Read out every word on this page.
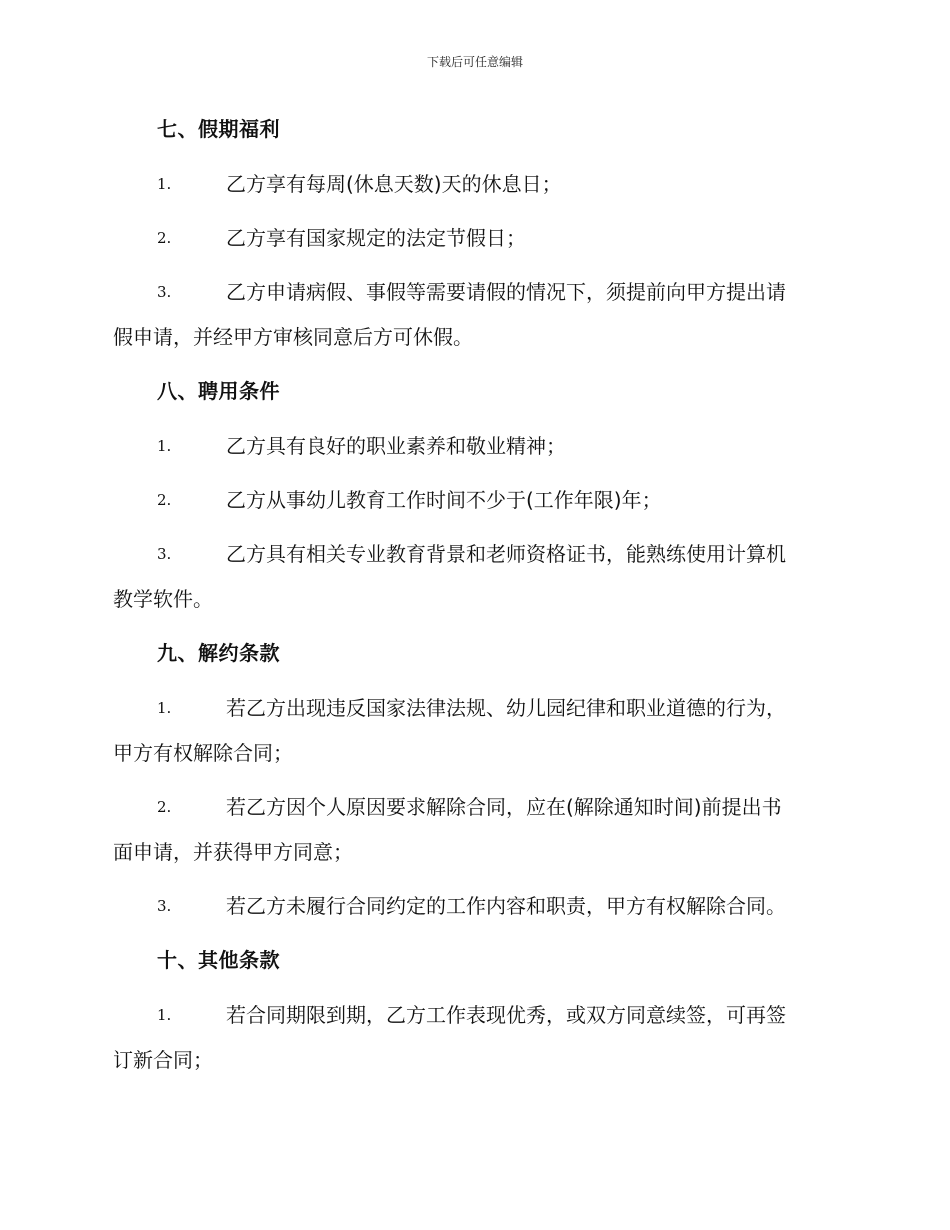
下载后可任意编辑
七、假期福利
1.	乙方享有每周(休息天数)天的休息日；
2.	乙方享有国家规定的法定节假日；
3.	乙方申请病假、事假等需要请假的情况下，须提前向甲方提出请
假申请，并经甲方审核同意后方可休假。
八、聘用条件
1.	乙方具有良好的职业素养和敬业精神；
2.	乙方从事幼儿教育工作时间不少于(工作年限)年；
3.	乙方具有相关专业教育背景和老师资格证书，能熟练使用计算机
教学软件。
九、解约条款
1.	若乙方出现违反国家法律法规、幼儿园纪律和职业道德的行为，
甲方有权解除合同；
2.	若乙方因个人原因要求解除合同，应在(解除通知时间)前提出书
面申请，并获得甲方同意；
3.	若乙方未履行合同约定的工作内容和职责，甲方有权解除合同。
十、其他条款
1.	若合同期限到期，乙方工作表现优秀，或双方同意续签，可再签
订新合同；
